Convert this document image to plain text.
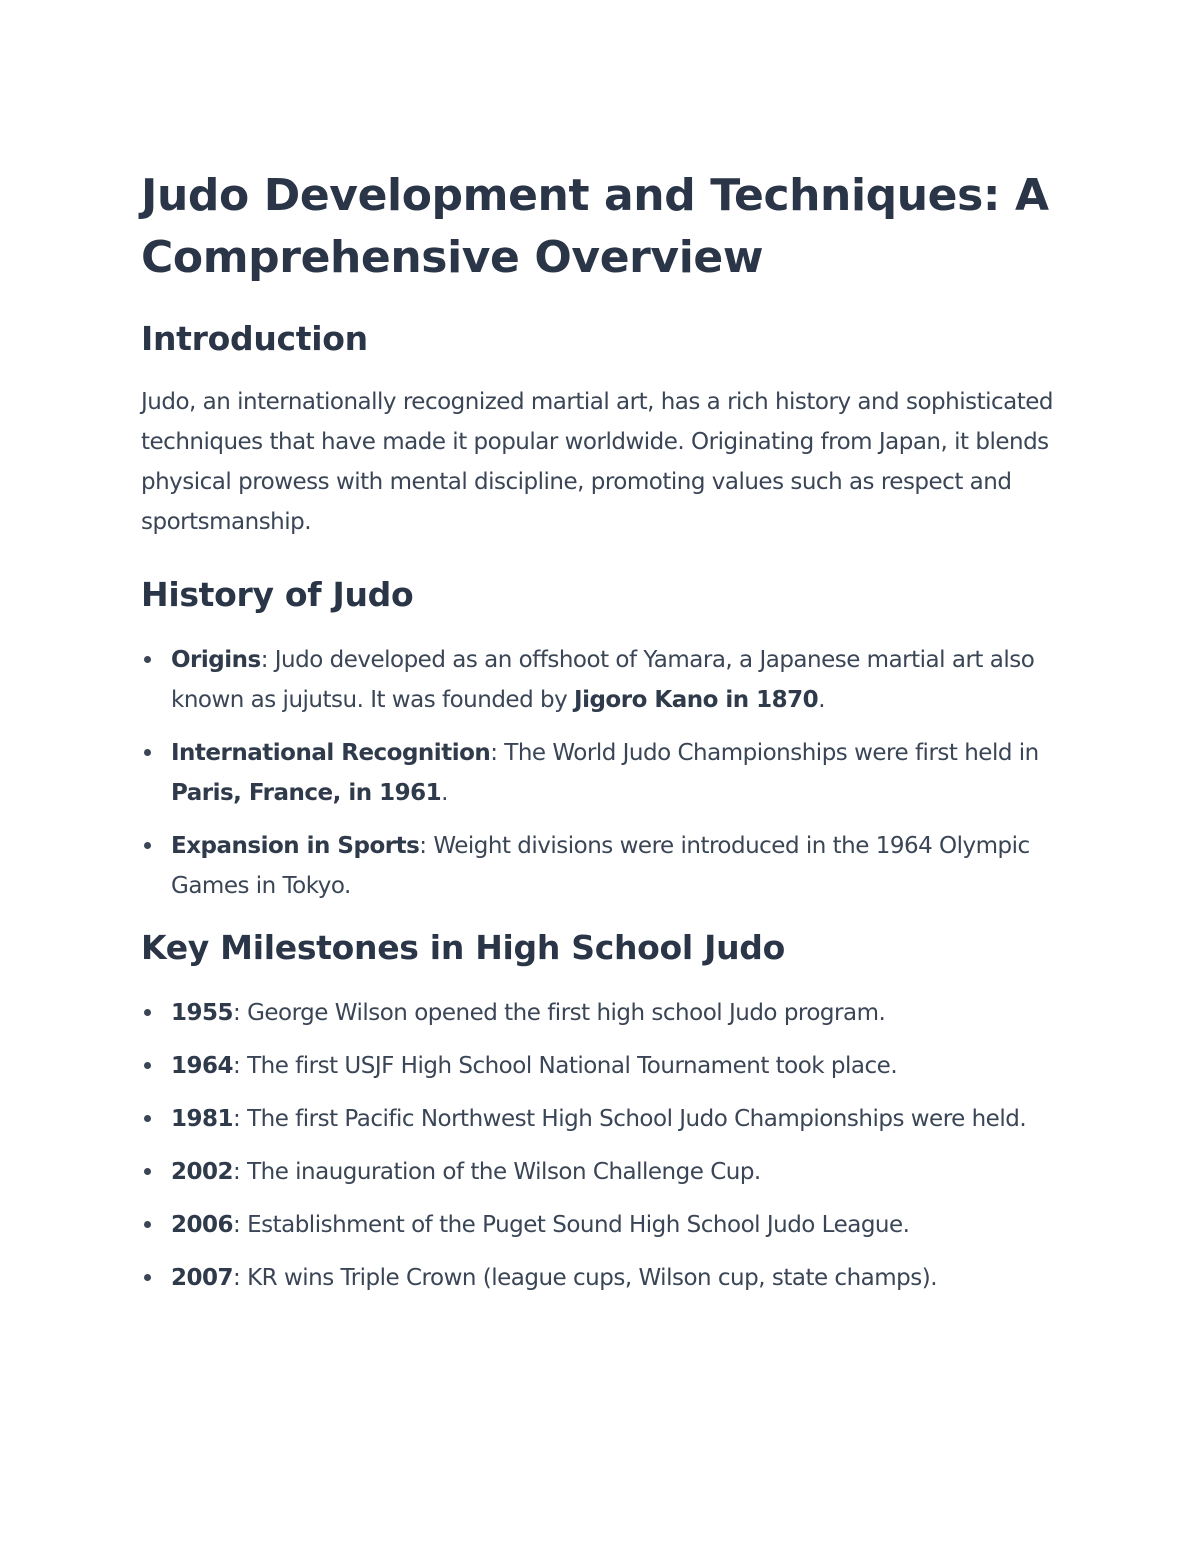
Judo Development and Techniques: A Comprehensive Overview
Introduction

Judo, an internationally recognized martial art, has a rich history and sophisticated techniques that have made it popular worldwide. Originating from Japan, it blends physical prowess with mental discipline, promoting values such as respect and sportsmanship.

History of Judo
Origins: Judo developed as an offshoot of Yamara, a Japanese martial art also known as jujutsu. It was founded by Jigoro Kano in 1870.
International Recognition: The World Judo Championships were first held in Paris, France, in 1961.
Expansion in Sports: Weight divisions were introduced in the 1964 Olympic Games in Tokyo.
Key Milestones in High School Judo
1955: George Wilson opened the first high school Judo program.
1964: The first USJF High School National Tournament took place.
1981: The first Pacific Northwest High School Judo Championships were held.
2002: The inauguration of the Wilson Challenge Cup.
2006: Establishment of the Puget Sound High School Judo League.
2007: KR wins Triple Crown (league cups, Wilson cup, state champs).
